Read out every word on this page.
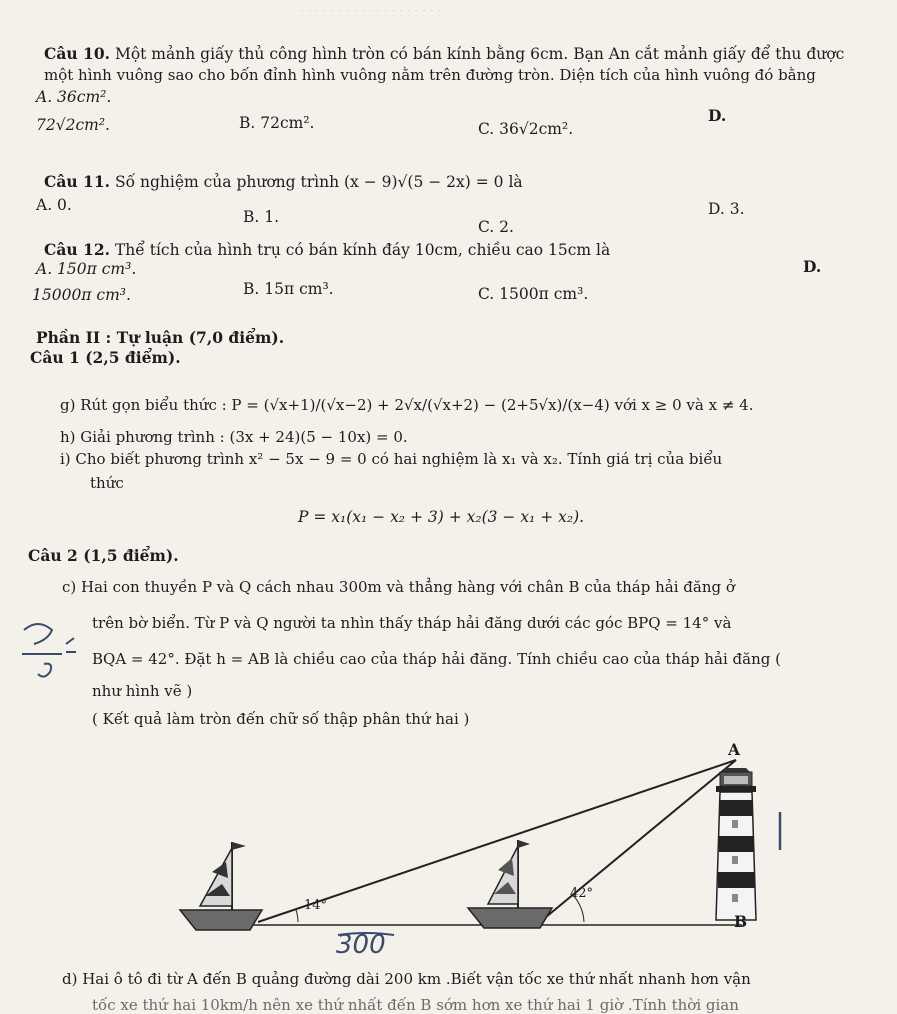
· · · · · · · · · · · · · · · · · · ·
Câu 10. Một mảnh giấy thủ công hình tròn có bán kính bằng 6cm. Bạn An cắt mảnh giấy để thu được
một hình vuông sao cho bốn đỉnh hình vuông nằm trên đường tròn. Diện tích của hình vuông đó bằng
A. 36cm².
72√2cm².	B. 72cm².	C. 36√2cm².
D.
Câu 11. Số nghiệm của phương trình (x − 9)√(5 − 2x) = 0 là
A. 0.
B. 1.
C. 2.
D. 3.
Câu 12. Thể tích của hình trụ có bán kính đáy 10cm, chiều cao 15cm là
A. 150π cm³.
15000π cm³.	B. 15π cm³.	C. 1500π cm³.
D.
Phần II : Tự luận (7,0 điểm).
Câu 1 (2,5 điểm).
g) Rút gọn biểu thức : P = (√x+1)/(√x−2) + 2√x/(√x+2) − (2+5√x)/(x−4) với x ≥ 0 và x ≠ 4.
h) Giải phương trình : (3x + 24)(5 − 10x) = 0.
i) Cho biết phương trình x² − 5x − 9 = 0 có hai nghiệm là x₁ và x₂. Tính giá trị của biểu
thức
P = x₁(x₁ − x₂ + 3) + x₂(3 − x₁ + x₂).
Câu 2 (1,5 điểm).
c) Hai con thuyền P và Q cách nhau 300m và thẳng hàng với chân B của tháp hải đăng ở
trên bờ biển. Từ P và Q người ta nhìn thấy tháp hải đăng dưới các góc BPQ = 14° và
BQA = 42°. Đặt h = AB là chiều cao của tháp hải đăng. Tính chiều cao của tháp hải đăng (
như hình vẽ )
( Kết quả làm tròn đến chữ số thập phân thứ hai )
A
B
14°
42°
300
d) Hai ô tô đi từ A đến B quảng đường dài 200 km .Biết vận tốc xe thứ nhất nhanh hơn vận
tốc xe thứ hai 10km/h nên xe thứ nhất đến B sớm hơn xe thứ hai 1 giờ .Tính thời gian
